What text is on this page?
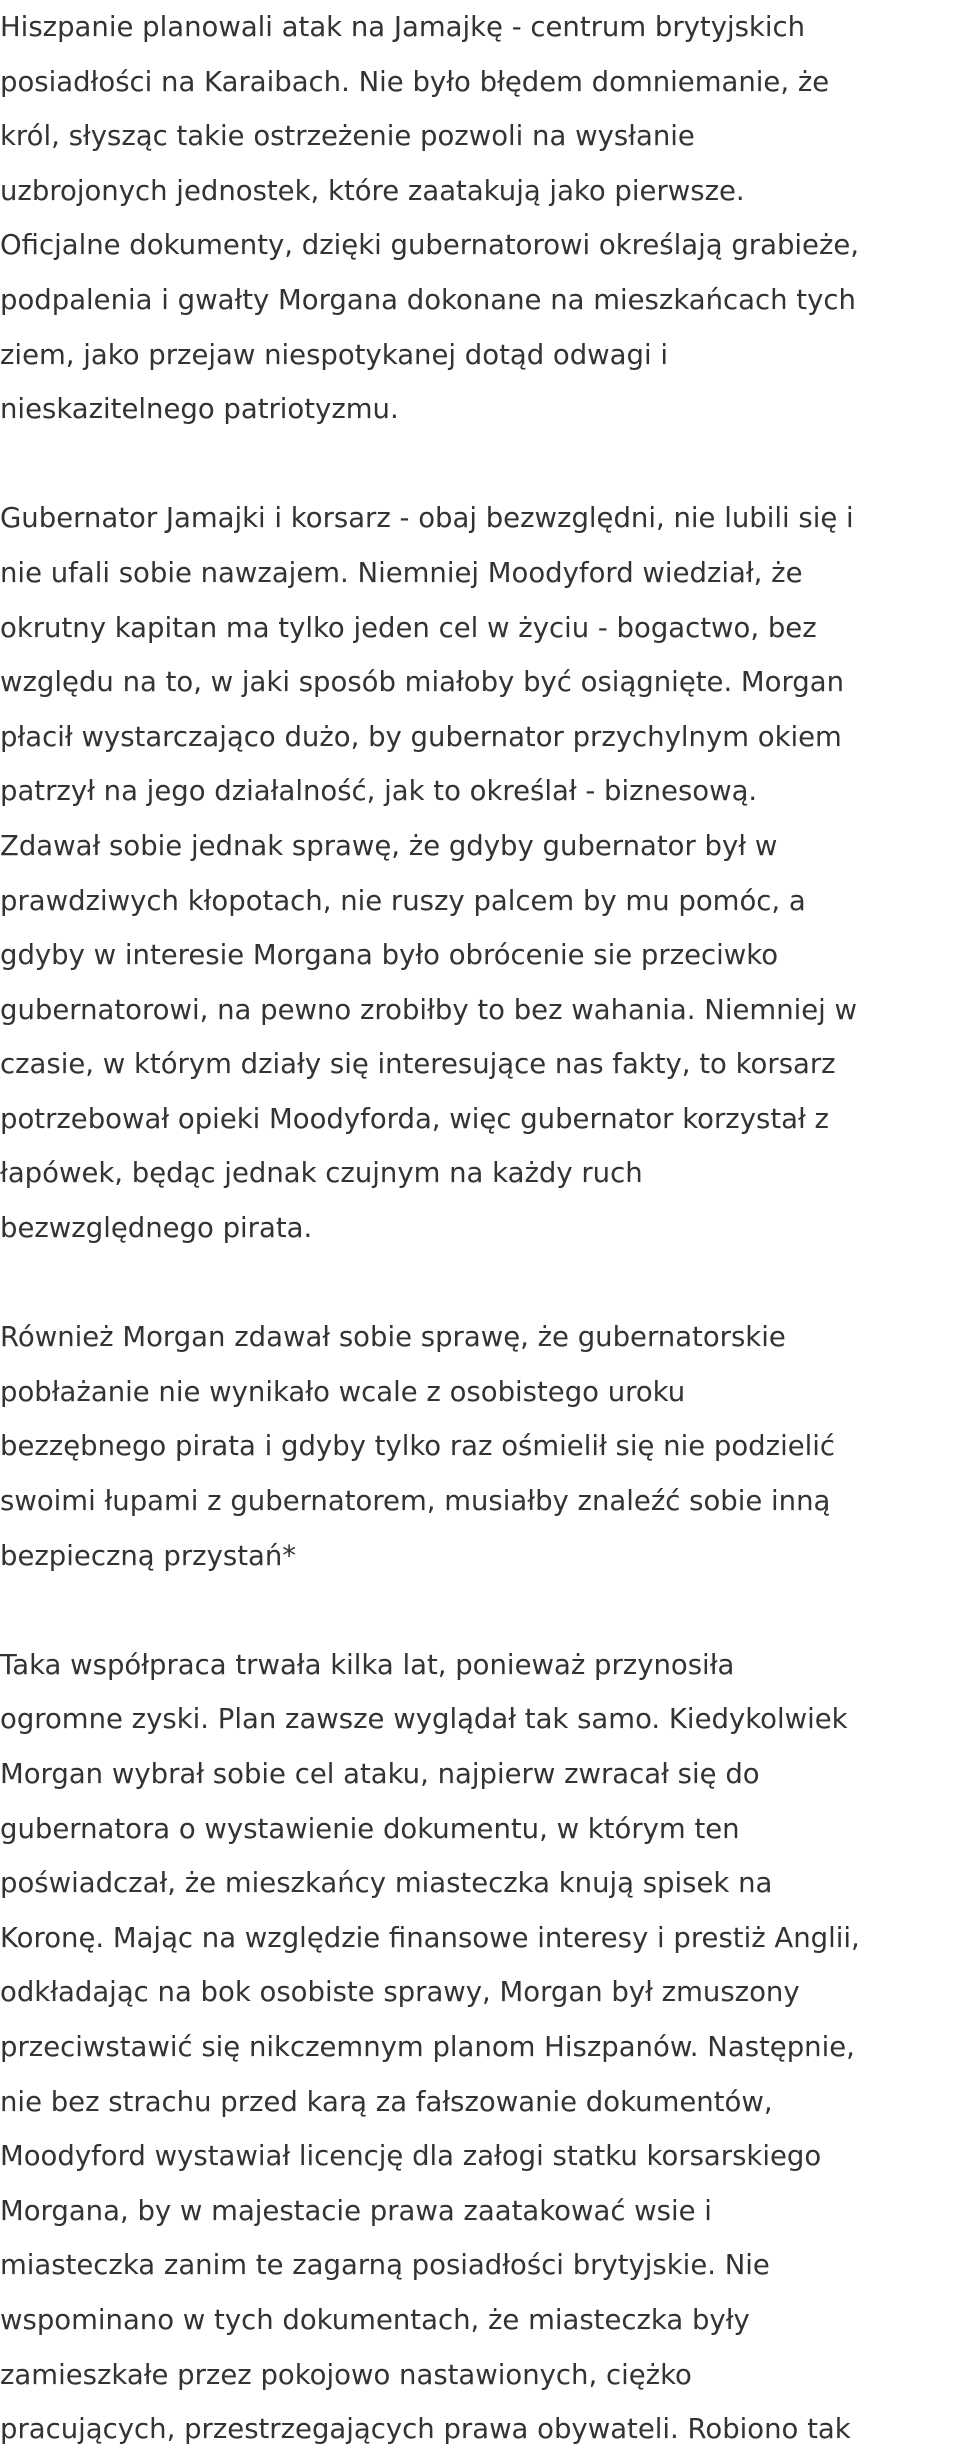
Hiszpanie planowali atak na Jamajkę - centrum brytyjskich
posiadłości na Karaibach. Nie było błędem domniemanie, że
król, słysząc takie ostrzeżenie pozwoli na wysłanie
uzbrojonych jednostek, które zaatakują jako pierwsze.
Oficjalne dokumenty, dzięki gubernatorowi określają grabieże,
podpalenia i gwałty Morgana dokonane na mieszkańcach tych
ziem, jako przejaw niespotykanej dotąd odwagi i
nieskazitelnego patriotyzmu.
Gubernator Jamajki i korsarz - obaj bezwzględni, nie lubili się i
nie ufali sobie nawzajem. Niemniej Moodyford wiedział, że
okrutny kapitan ma tylko jeden cel w życiu - bogactwo, bez
względu na to, w jaki sposób miałoby być osiągnięte. Morgan
płacił wystarczająco dużo, by gubernator przychylnym okiem
patrzył na jego działalność, jak to określał - biznesową.
Zdawał sobie jednak sprawę, że gdyby gubernator był w
prawdziwych kłopotach, nie ruszy palcem by mu pomóc, a
gdyby w interesie Morgana było obrócenie sie przeciwko
gubernatorowi, na pewno zrobiłby to bez wahania. Niemniej w
czasie, w którym działy się interesujące nas fakty, to korsarz
potrzebował opieki Moodyforda, więc gubernator korzystał z
łapówek, będąc jednak czujnym na każdy ruch
bezwzględnego pirata.
Również Morgan zdawał sobie sprawę, że gubernatorskie
pobłażanie nie wynikało wcale z osobistego uroku
bezzębnego pirata i gdyby tylko raz ośmielił się nie podzielić
swoimi łupami z gubernatorem, musiałby znaleźć sobie inną
bezpieczną przystań*
Taka współpraca trwała kilka lat, ponieważ przynosiła
ogromne zyski. Plan zawsze wyglądał tak samo. Kiedykolwiek
Morgan wybrał sobie cel ataku, najpierw zwracał się do
gubernatora o wystawienie dokumentu, w którym ten
poświadczał, że mieszkańcy miasteczka knują spisek na
Koronę. Mając na względzie finansowe interesy i prestiż Anglii,
odkładając na bok osobiste sprawy, Morgan był zmuszony
przeciwstawić się nikczemnym planom Hiszpanów. Następnie,
nie bez strachu przed karą za fałszowanie dokumentów,
Moodyford wystawiał licencję dla załogi statku korsarskiego
Morgana, by w majestacie prawa zaatakować wsie i
miasteczka zanim te zagarną posiadłości brytyjskie. Nie
wspominano w tych dokumentach, że miasteczka były
zamieszkałe przez pokojowo nastawionych, ciężko
pracujących, przestrzegających prawa obywateli. Robiono tak
